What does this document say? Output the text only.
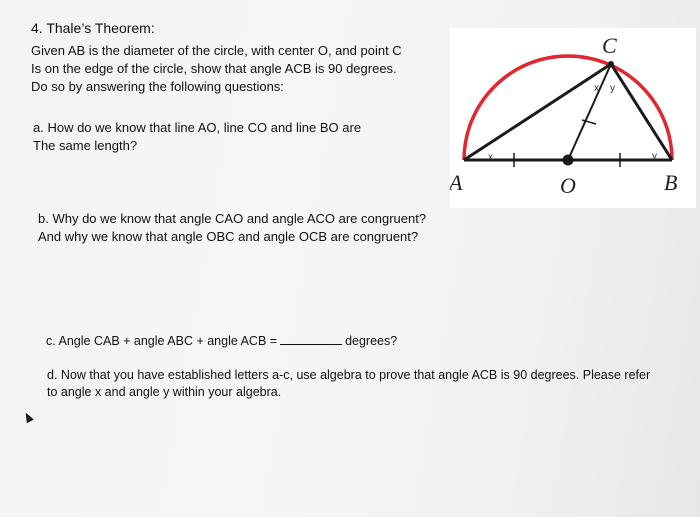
4. Thale’s Theorem:
Given AB is the diameter of the circle, with center O, and point C
Is on the edge of the circle, show that angle ACB is 90 degrees.
Do so by answering the following questions:
a. How do we know that line AO, line CO and line BO are
The same length?
b. Why do we know that angle CAO and angle ACO are congruent?
And why we know that angle OBC and angle OCB are congruent?
c. Angle CAB + angle ABC + angle ACB =	degrees?
d. Now that you have established letters a-c, use algebra to prove that angle ACB is 90 degrees. Please refer
to angle x and angle y within your algebra.
A	B
C
O
x
x y
y
